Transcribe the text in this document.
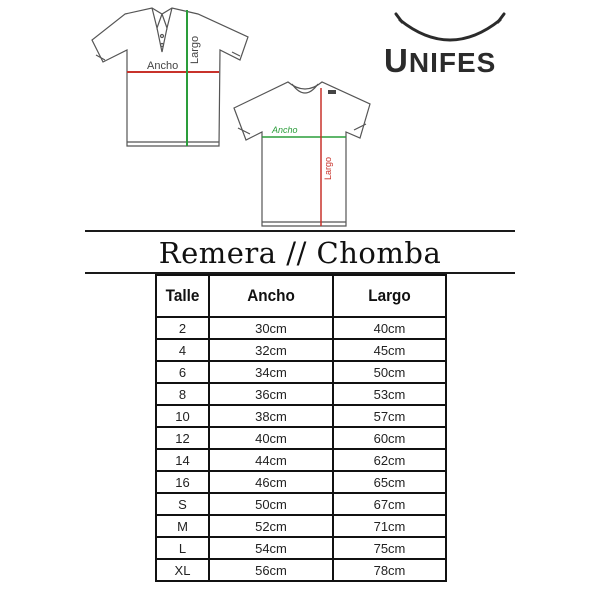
Ancho
Largo
Ancho
Largo
UNIFES
Remera // Chomba
Talle	Ancho	Largo
2	30cm	40cm
4	32cm	45cm
6	34cm	50cm
8	36cm	53cm
10	38cm	57cm
12	40cm	60cm
14	44cm	62cm
16	46cm	65cm
S	50cm	67cm
M	52cm	71cm
L	54cm	75cm
XL	56cm	78cm
